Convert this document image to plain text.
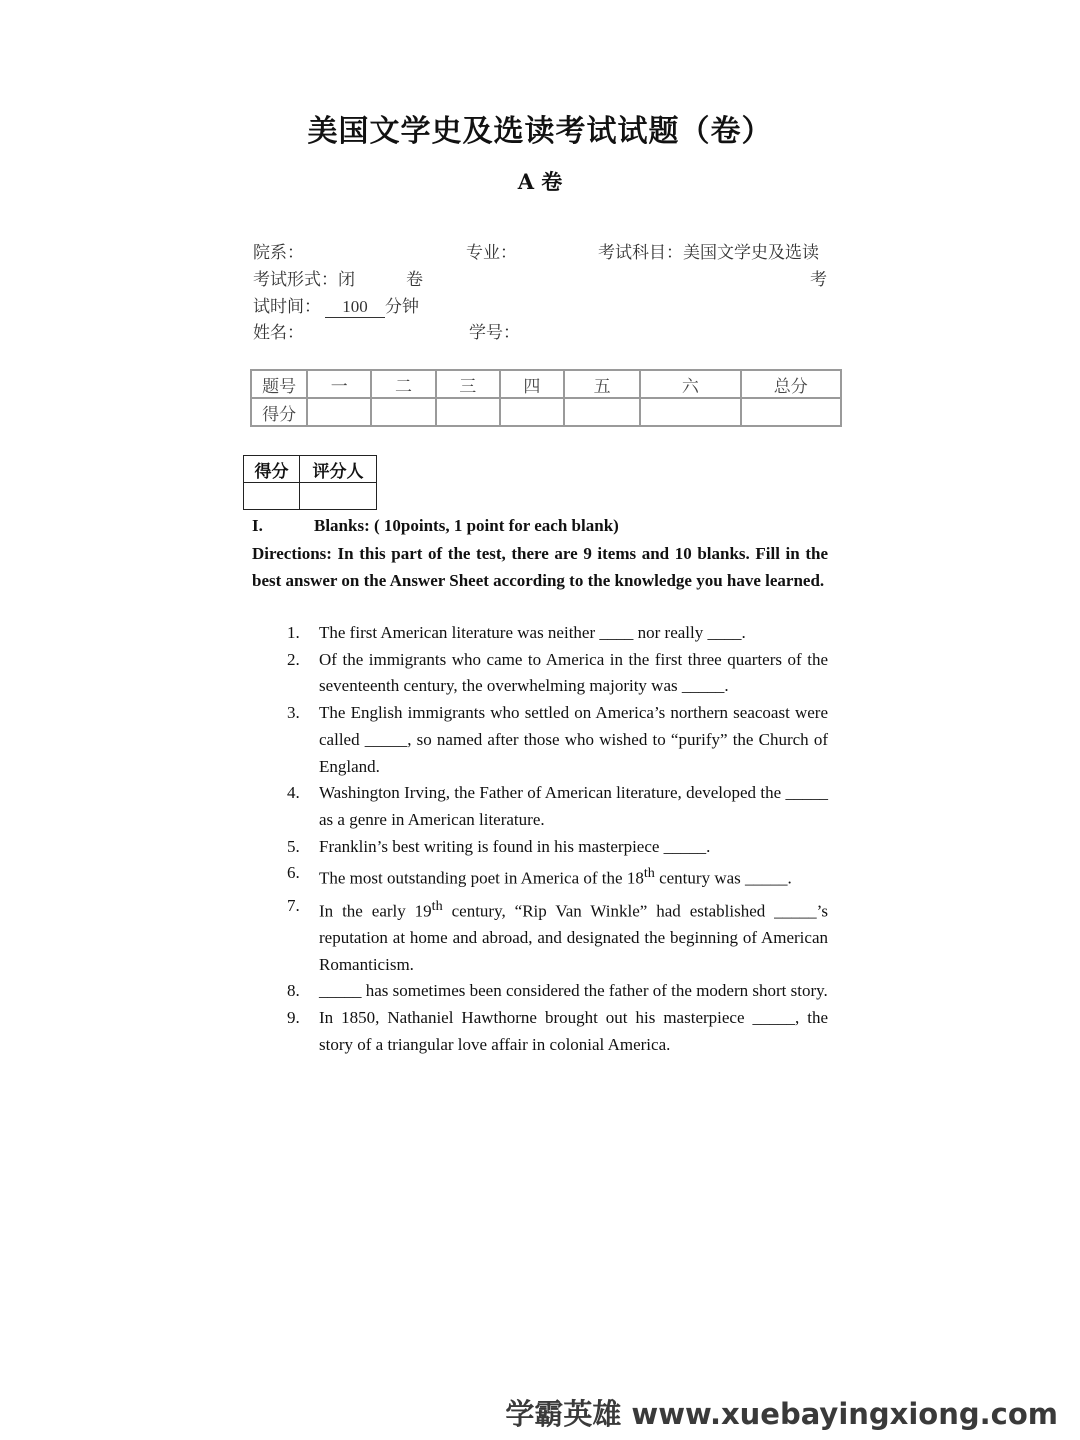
美国文学史及选读考试试题（卷）
A 卷
院系：	专业：	考试科目：美国文学史及选读
考试形式：闭	卷	考
试时间： 100 分钟
姓名：	学号：
题号	一	二	三	四	五	六	总分
得分							
得分	评分人

I.	Blanks: ( 10points, 1 point for each blank)
Directions: In this part of the test, there are 9 items and 10 blanks. Fill in the best answer on the Answer Sheet according to the knowledge you have learned.
1. The first American literature was neither ____ nor really ____.
2. Of the immigrants who came to America in the first three quarters of the seventeenth century, the overwhelming majority was _____.
3. The English immigrants who settled on America’s northern seacoast were called _____, so named after those who wished to “purify” the Church of England.
4. Washington Irving, the Father of American literature, developed the _____ as a genre in American literature.
5. Franklin’s best writing is found in his masterpiece _____.
6. The most outstanding poet in America of the 18th century was _____.
7. In the early 19th century, “Rip Van Winkle” had established _____’s reputation at home and abroad, and designated the beginning of American Romanticism.
8. _____ has sometimes been considered the father of the modern short story.
9. In 1850, Nathaniel Hawthorne brought out his masterpiece _____, the story of a triangular love affair in colonial America.
学霸英雄 www.xuebayingxiong.com
